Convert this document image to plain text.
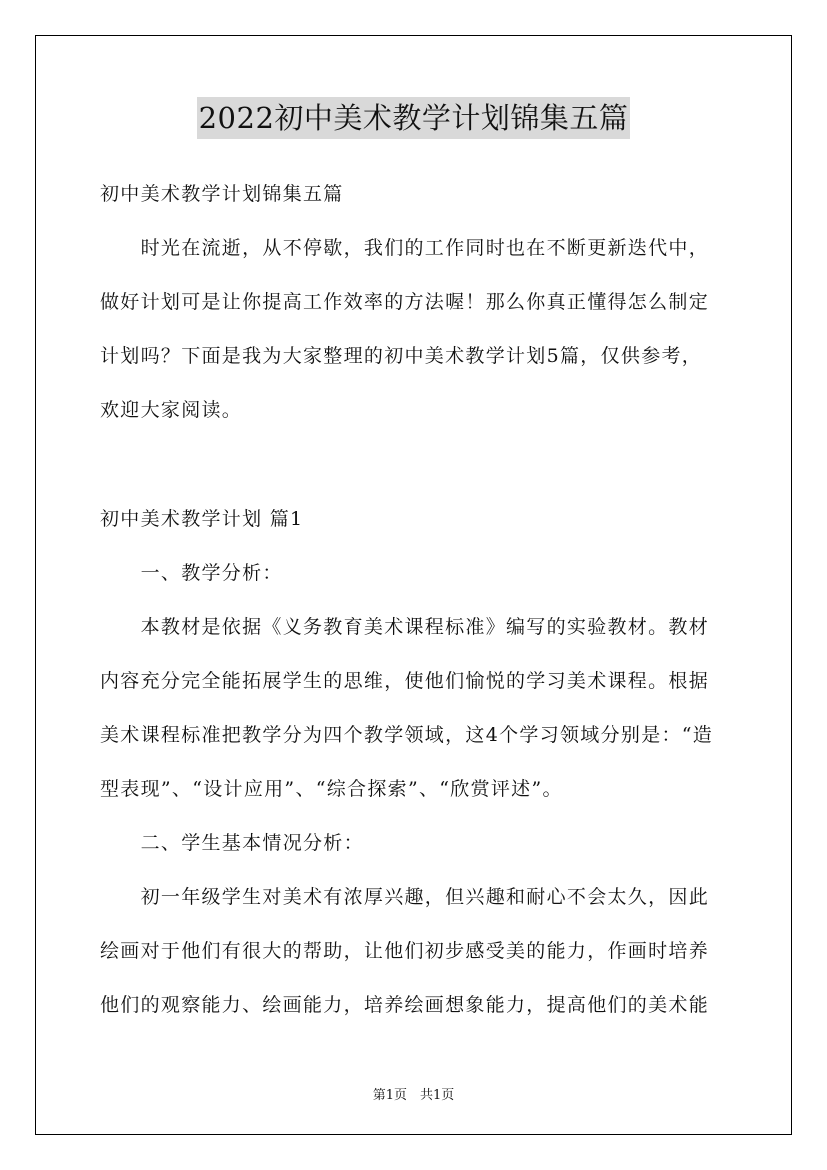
2022初中美术教学计划锦集五篇
初中美术教学计划锦集五篇
　　时光在流逝，从不停歇，我们的工作同时也在不断更新迭代中，
做好计划可是让你提高工作效率的方法喔！那么你真正懂得怎么制定
计划吗？下面是我为大家整理的初中美术教学计划5篇，仅供参考，
欢迎大家阅读。
初中美术教学计划 篇1
　　一、教学分析：
　　本教材是依据《义务教育美术课程标准》编写的实验教材。教材
内容充分完全能拓展学生的思维，使他们愉悦的学习美术课程。根据
美术课程标准把教学分为四个教学领域，这4个学习领域分别是：“造
型表现”、“设计应用”、“综合探索”、“欣赏评述”。
　　二、学生基本情况分析：
　　初一年级学生对美术有浓厚兴趣，但兴趣和耐心不会太久，因此
绘画对于他们有很大的帮助，让他们初步感受美的能力，作画时培养
他们的观察能力、绘画能力，培养绘画想象能力，提高他们的美术能
第1页　共1页
